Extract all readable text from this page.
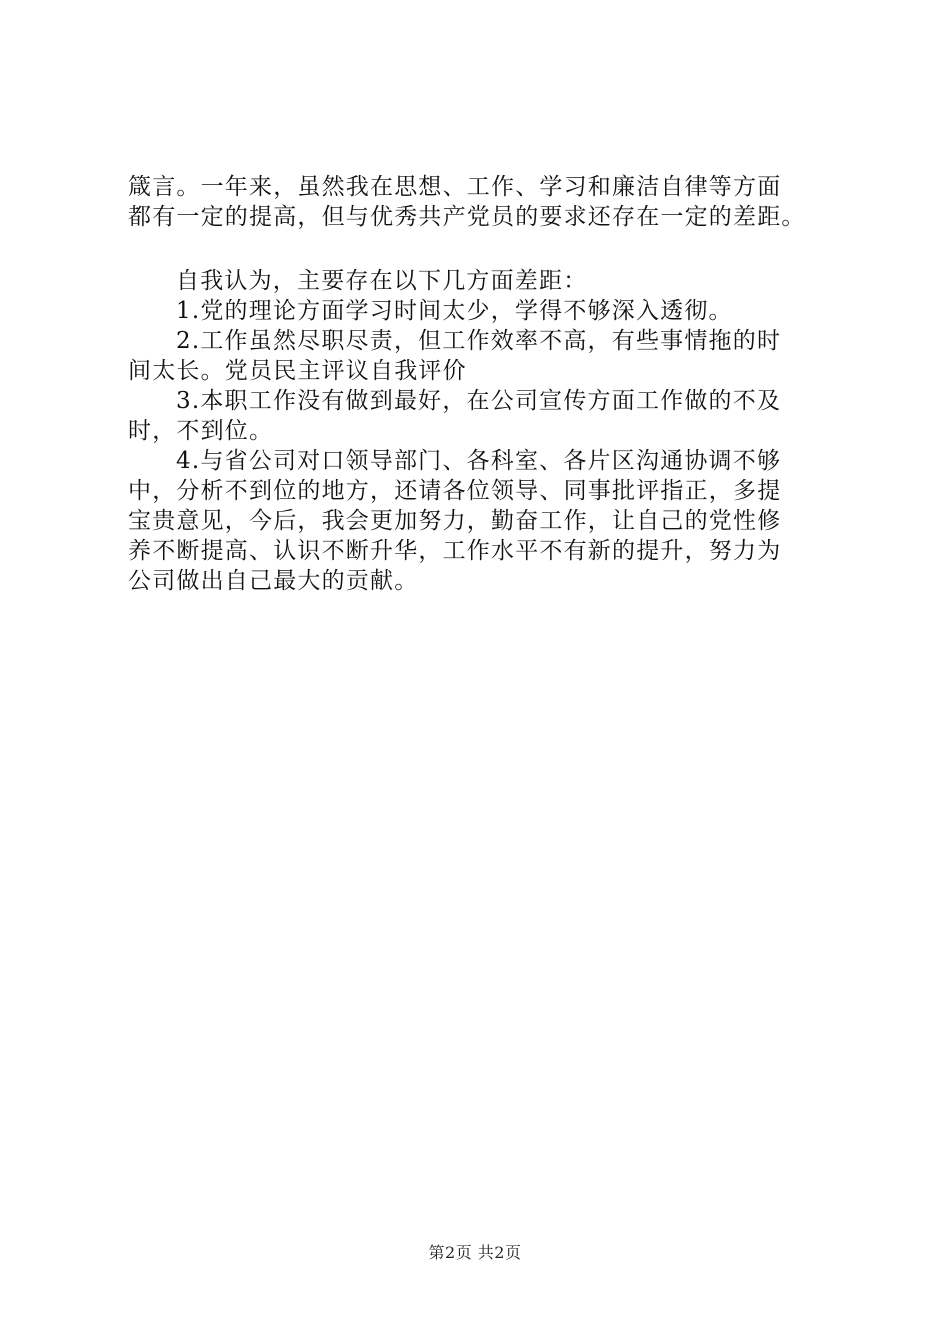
箴言。一年来，虽然我在思想、工作、学习和廉洁自律等方面
都有一定的提高，但与优秀共产党员的要求还存在一定的差距。
自我认为，主要存在以下几方面差距：
1.党的理论方面学习时间太少，学得不够深入透彻。
2.工作虽然尽职尽责，但工作效率不高，有些事情拖的时
间太长。党员民主评议自我评价
3.本职工作没有做到最好，在公司宣传方面工作做的不及
时，不到位。
4.与省公司对口领导部门、各科室、各片区沟通协调不够
中，分析不到位的地方，还请各位领导、同事批评指正，多提
宝贵意见，今后，我会更加努力，勤奋工作，让自己的党性修
养不断提高、认识不断升华，工作水平不有新的提升，努力为
公司做出自己最大的贡献。
第2页 共2页
